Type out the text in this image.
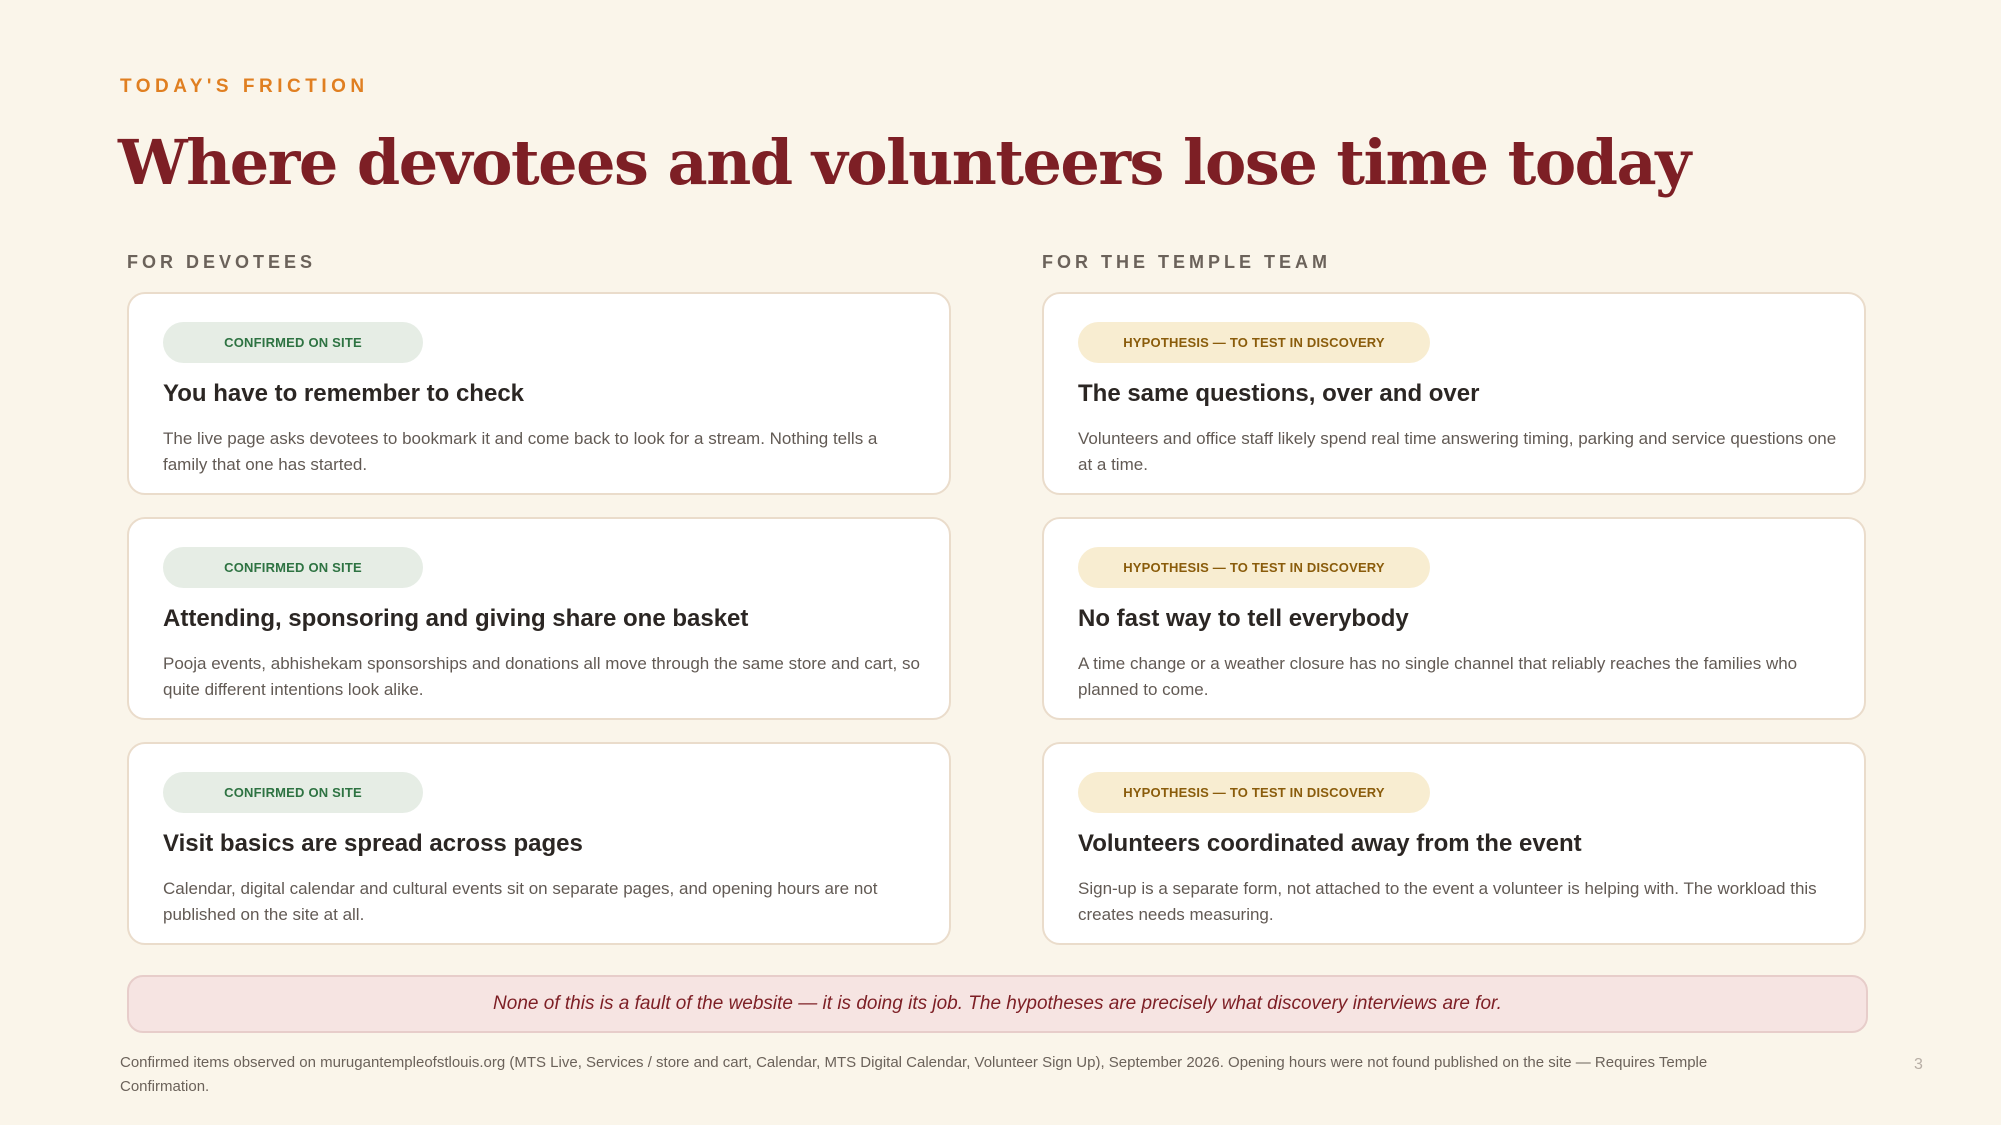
TODAY'S FRICTION
Where devotees and volunteers lose time today
FOR DEVOTEES
CONFIRMED ON SITE
You have to remember to check

The live page asks devotees to bookmark it and come back to look for a stream. Nothing tells a family that one has started.

CONFIRMED ON SITE
Attending, sponsoring and giving share one basket

Pooja events, abhishekam sponsorships and donations all move through the same store and cart, so quite different intentions look alike.

CONFIRMED ON SITE
Visit basics are spread across pages

Calendar, digital calendar and cultural events sit on separate pages, and opening hours are not published on the site at all.

FOR THE TEMPLE TEAM
HYPOTHESIS — TO TEST IN DISCOVERY
The same questions, over and over

Volunteers and office staff likely spend real time answering timing, parking and service questions one at a time.

HYPOTHESIS — TO TEST IN DISCOVERY
No fast way to tell everybody

A time change or a weather closure has no single channel that reliably reaches the families who planned to come.

HYPOTHESIS — TO TEST IN DISCOVERY
Volunteers coordinated away from the event

Sign-up is a separate form, not attached to the event a volunteer is helping with. The workload this creates needs measuring.

None of this is a fault of the website — it is doing its job. The hypotheses are precisely what discovery interviews are for.

Confirmed items observed on murugantempleofstlouis.org (MTS Live, Services / store and cart, Calendar, MTS Digital Calendar, Volunteer Sign Up), September 2026. Opening hours were not found published on the site — Requires Temple Confirmation.

3
